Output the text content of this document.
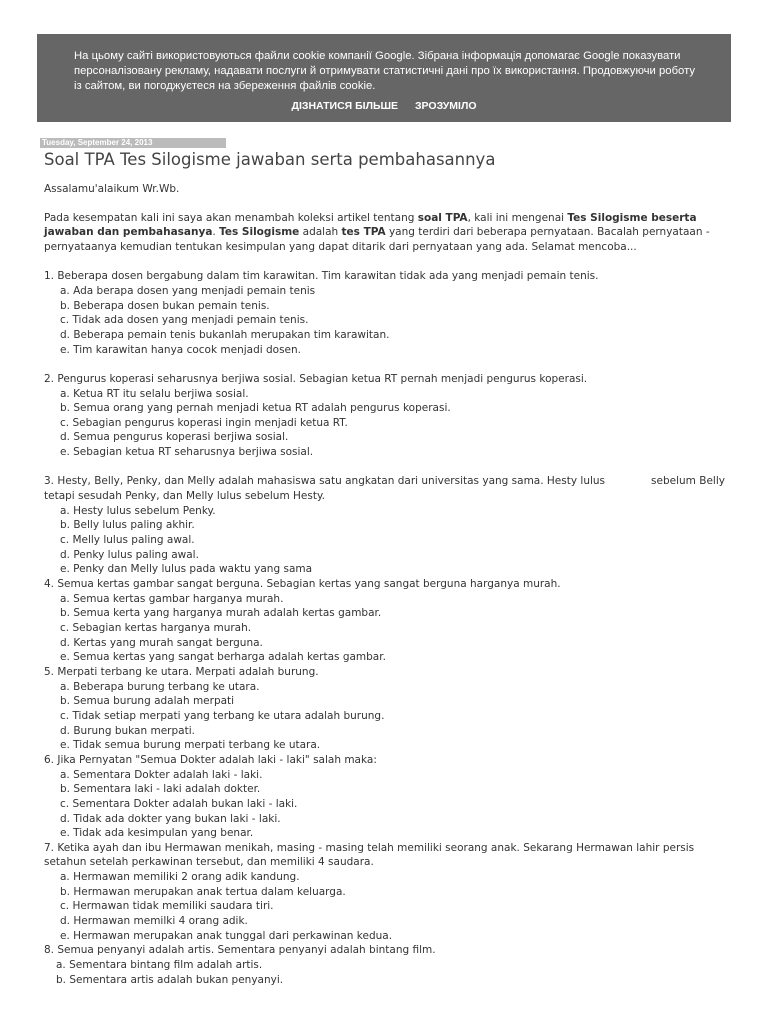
На цьому сайті використовуються файли cookie компанії Google. Зібрана інформація допомагає Google показувати персоналізовану рекламу, надавати послуги й отримувати статистичні дані про їх використання. Продовжуючи роботу із сайтом, ви погоджуєтеся на збереження файлів cookie.
ДІЗНАТИСЯ БІЛЬШЕ ЗРОЗУМІЛО
Tuesday, September 24, 2013
Soal TPA Tes Silogisme jawaban serta pembahasannya

Assalamu'alaikum Wr.Wb.

Pada kesempatan kali ini saya akan menambah koleksi artikel tentang soal TPA, kali ini mengenai Tes Silogisme beserta jawaban dan pembahasanya. Tes Silogisme adalah tes TPA yang terdiri dari beberapa pernyataan. Bacalah pernyataan - pernyataanya kemudian tentukan kesimpulan yang dapat ditarik dari pernyataan yang ada. Selamat mencoba...

1. Beberapa dosen bergabung dalam tim karawitan. Tim karawitan tidak ada yang menjadi pemain tenis.

a. Ada berapa dosen yang menjadi pemain tenis

b. Beberapa dosen bukan pemain tenis.

c. Tidak ada dosen yang menjadi pemain tenis.

d. Beberapa pemain tenis bukanlah merupakan tim karawitan.

e. Tim karawitan hanya cocok menjadi dosen.

2. Pengurus koperasi seharusnya berjiwa sosial. Sebagian ketua RT pernah menjadi pengurus koperasi.

a. Ketua RT itu selalu berjiwa sosial.

b. Semua orang yang pernah menjadi ketua RT adalah pengurus koperasi.

c. Sebagian pengurus koperasi ingin menjadi ketua RT.

d. Semua pengurus koperasi berjiwa sosial.

e. Sebagian ketua RT seharusnya berjiwa sosial.

3. Hesty, Belly, Penky, dan Melly adalah mahasiswa satu angkatan dari universitas yang sama. Hesty lulus	sebelum Belly tetapi sesudah Penky, dan Melly lulus sebelum Hesty.

a. Hesty lulus sebelum Penky.

b. Belly lulus paling akhir.

c. Melly lulus paling awal.

d. Penky lulus paling awal.

e. Penky dan Melly lulus pada waktu yang sama

4. Semua kertas gambar sangat berguna. Sebagian kertas yang sangat berguna harganya murah.

a. Semua kertas gambar harganya murah.

b. Semua kerta yang harganya murah adalah kertas gambar.

c. Sebagian kertas harganya murah.

d. Kertas yang murah sangat berguna.

e. Semua kertas yang sangat berharga adalah kertas gambar.

5. Merpati terbang ke utara. Merpati adalah burung.

a. Beberapa burung terbang ke utara.

b. Semua burung adalah merpati

c. Tidak setiap merpati yang terbang ke utara adalah burung.

d. Burung bukan merpati.

e. Tidak semua burung merpati terbang ke utara.

6. Jika Pernyatan "Semua Dokter adalah laki - laki" salah maka:

a. Sementara Dokter adalah laki - laki.

b. Sementara laki - laki adalah dokter.

c. Sementara Dokter adalah bukan laki - laki.

d. Tidak ada dokter yang bukan laki - laki.

e. Tidak ada kesimpulan yang benar.

7. Ketika ayah dan ibu Hermawan menikah, masing - masing telah memiliki seorang anak. Sekarang Hermawan lahir persis setahun setelah perkawinan tersebut, dan memiliki 4 saudara.

a. Hermawan memiliki 2 orang adik kandung.

b. Hermawan merupakan anak tertua dalam keluarga.

c. Hermawan tidak memiliki saudara tiri.

d. Hermawan memilki 4 orang adik.

e. Hermawan merupakan anak tunggal dari perkawinan kedua.

8. Semua penyanyi adalah artis. Sementara penyanyi adalah bintang film.

a. Sementara bintang film adalah artis.

b. Sementara artis adalah bukan penyanyi.
